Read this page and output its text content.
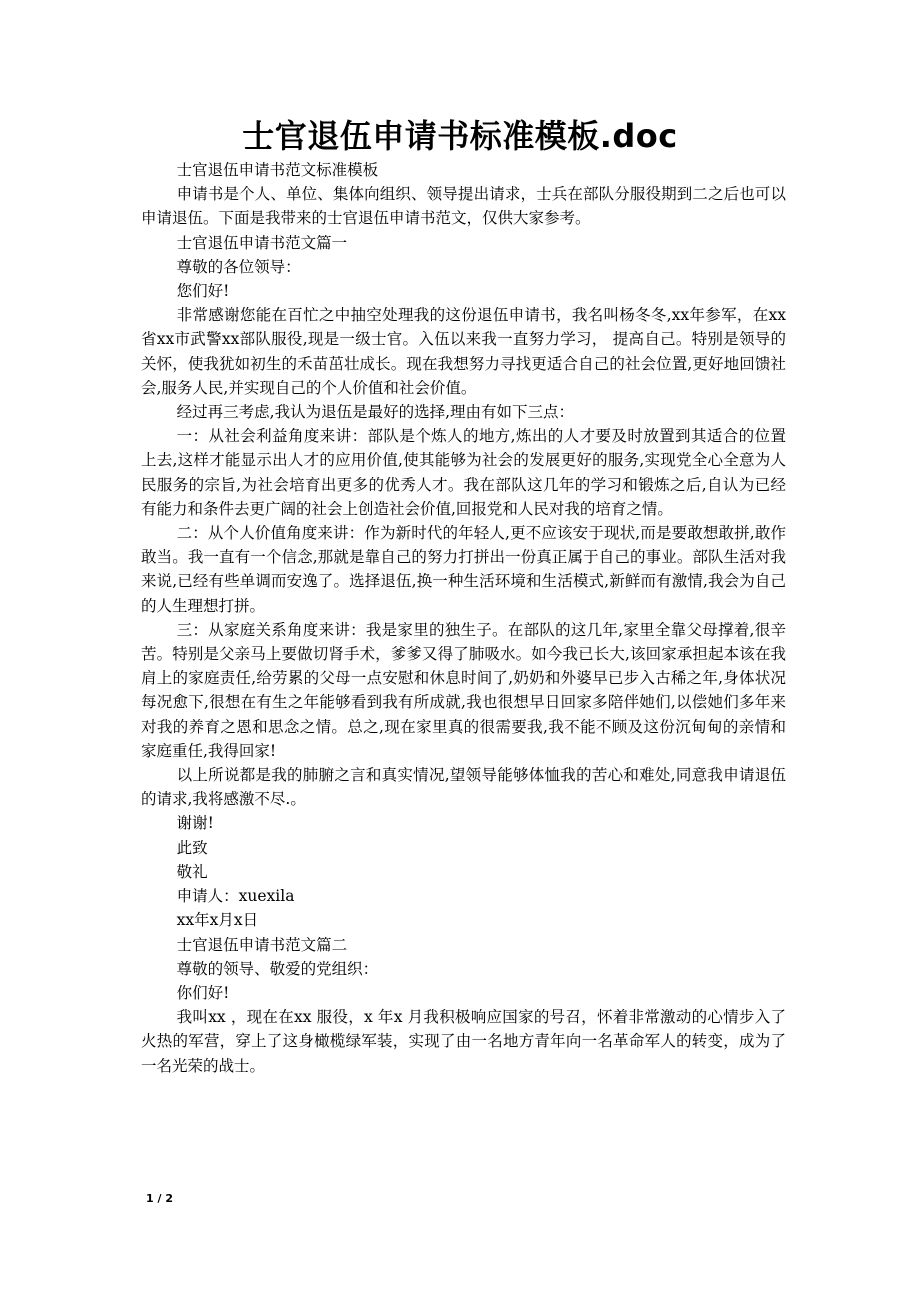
士官退伍申请书标准模板.doc

士官退伍申请书范文标准模板

申请书是个人、单位、集体向组织、领导提出请求，士兵在部队分服役期到二之后也可以申请退伍。下面是我带来的士官退伍申请书范文，仅供大家参考。

士官退伍申请书范文篇一

尊敬的各位领导：

您们好!

非常感谢您能在百忙之中抽空处理我的这份退伍申请书，我名叫杨冬冬,xx年参军，在xx省xx市武警xx部队服役,现是一级士官。入伍以来我一直努力学习， 提高自己。特别是领导的关怀，使我犹如初生的禾苗茁壮成长。现在我想努力寻找更适合自己的社会位置,更好地回馈社会,服务人民,并实现自己的个人价值和社会价值。

经过再三考虑,我认为退伍是最好的选择,理由有如下三点：

一：从社会利益角度来讲：部队是个炼人的地方,炼出的人才要及时放置到其适合的位置上去,这样才能显示出人才的应用价值,使其能够为社会的发展更好的服务,实现党全心全意为人民服务的宗旨,为社会培育出更多的优秀人才。我在部队这几年的学习和锻炼之后,自认为已经有能力和条件去更广阔的社会上创造社会价值,回报党和人民对我的培育之情。

二：从个人价值角度来讲：作为新时代的年轻人,更不应该安于现状,而是要敢想敢拼,敢作敢当。我一直有一个信念,那就是靠自己的努力打拼出一份真正属于自己的事业。部队生活对我来说,已经有些单调而安逸了。选择退伍,换一种生活环境和生活模式,新鲜而有激情,我会为自己的人生理想打拼。

三：从家庭关系角度来讲：我是家里的独生子。在部队的这几年,家里全靠父母撑着,很辛苦。特别是父亲马上要做切肾手术，爹爹又得了肺吸水。如今我已长大,该回家承担起本该在我肩上的家庭责任,给劳累的父母一点安慰和休息时间了,奶奶和外婆早已步入古稀之年,身体状况每况愈下,很想在有生之年能够看到我有所成就,我也很想早日回家多陪伴她们,以偿她们多年来对我的养育之恩和思念之情。总之,现在家里真的很需要我,我不能不顾及这份沉甸甸的亲情和家庭重任,我得回家!

以上所说都是我的肺腑之言和真实情况,望领导能够体恤我的苦心和难处,同意我申请退伍的请求,我将感激不尽.。

谢谢!

此致

敬礼

申请人：xuexila

xx年x月x日

士官退伍申请书范文篇二

尊敬的领导、敬爱的党组织：

你们好!

我叫xx ，现在在xx 服役，x 年x 月我积极响应国家的号召，怀着非常激动的心情步入了火热的军营，穿上了这身橄榄绿军装，实现了由一名地方青年向一名革命军人的转变，成为了一名光荣的战士。

1 / 2
